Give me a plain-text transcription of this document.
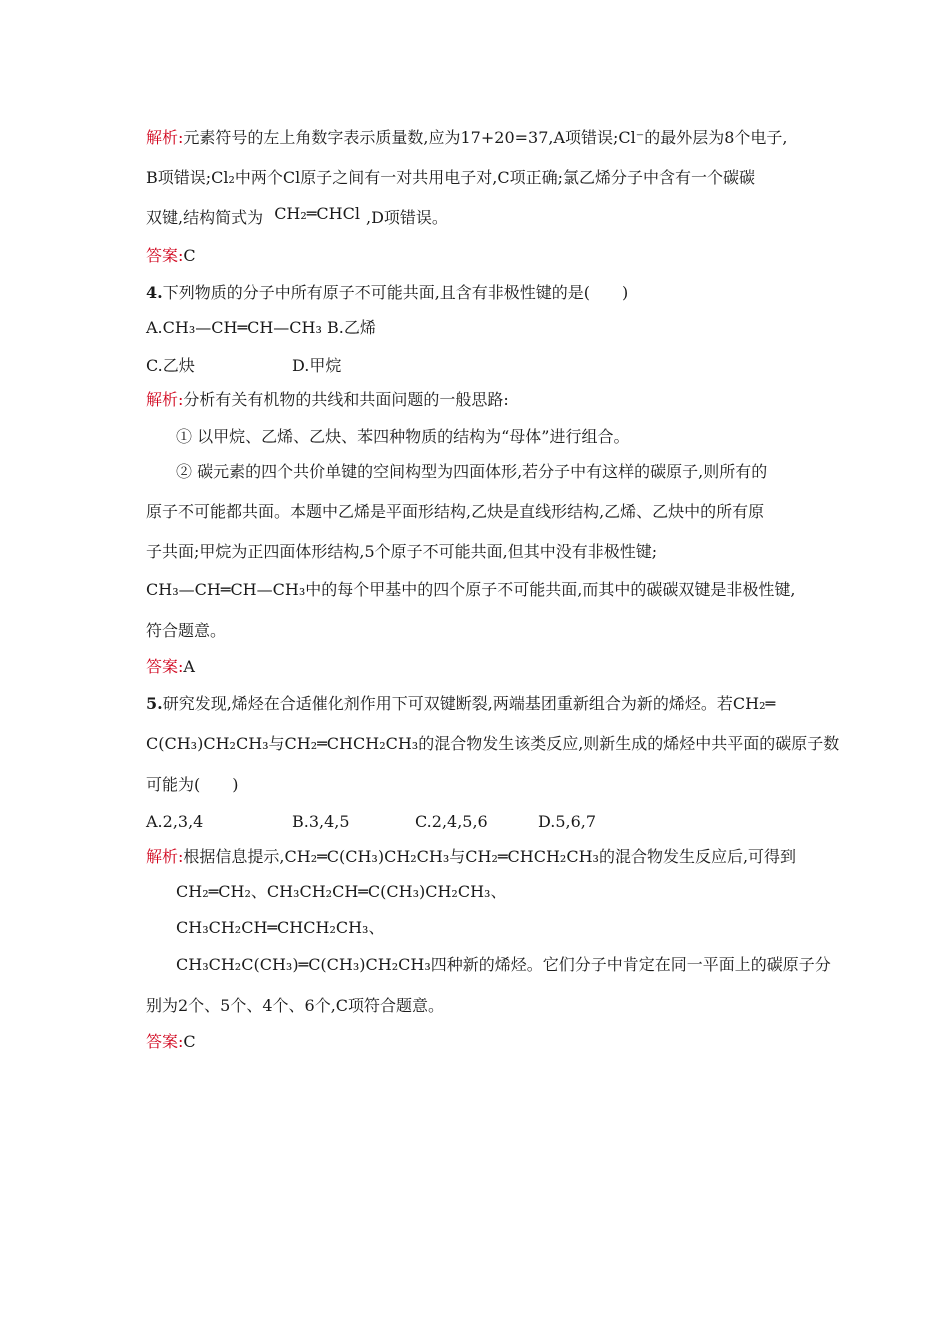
解析:元素符号的左上角数字表示质量数,应为17+20=37,A项错误;Cl⁻的最外层为8个电子,
B项错误;Cl₂中两个Cl原子之间有一对共用电子对,C项正确;氯乙烯分子中含有一个碳碳
双键,结构简式为 CH₂═CHCl ,D项错误。
答案:C
4.下列物质的分子中所有原子不可能共面,且含有非极性键的是(　　)
A.CH₃—CH═CH—CH₃ B.乙烯
C.乙炔	D.甲烷
解析:分析有关有机物的共线和共面问题的一般思路:
① 以甲烷、乙烯、乙炔、苯四种物质的结构为“母体”进行组合。
② 碳元素的四个共价单键的空间构型为四面体形,若分子中有这样的碳原子,则所有的
原子不可能都共面。本题中乙烯是平面形结构,乙炔是直线形结构,乙烯、乙炔中的所有原
子共面;甲烷为正四面体形结构,5个原子不可能共面,但其中没有非极性键;
CH₃—CH═CH—CH₃中的每个甲基中的四个原子不可能共面,而其中的碳碳双键是非极性键,
符合题意。
答案:A
5.研究发现,烯烃在合适催化剂作用下可双键断裂,两端基团重新组合为新的烯烃。若CH₂═
C(CH₃)CH₂CH₃与CH₂═CHCH₂CH₃的混合物发生该类反应,则新生成的烯烃中共平面的碳原子数
可能为(　　)
A.2,3,4	B.3,4,5	C.2,4,5,6	D.5,6,7
解析:根据信息提示,CH₂═C(CH₃)CH₂CH₃与CH₂═CHCH₂CH₃的混合物发生反应后,可得到
CH₂═CH₂、CH₃CH₂CH═C(CH₃)CH₂CH₃、
CH₃CH₂CH═CHCH₂CH₃、
CH₃CH₂C(CH₃)═C(CH₃)CH₂CH₃四种新的烯烃。它们分子中肯定在同一平面上的碳原子分
别为2个、5个、4个、6个,C项符合题意。
答案:C
